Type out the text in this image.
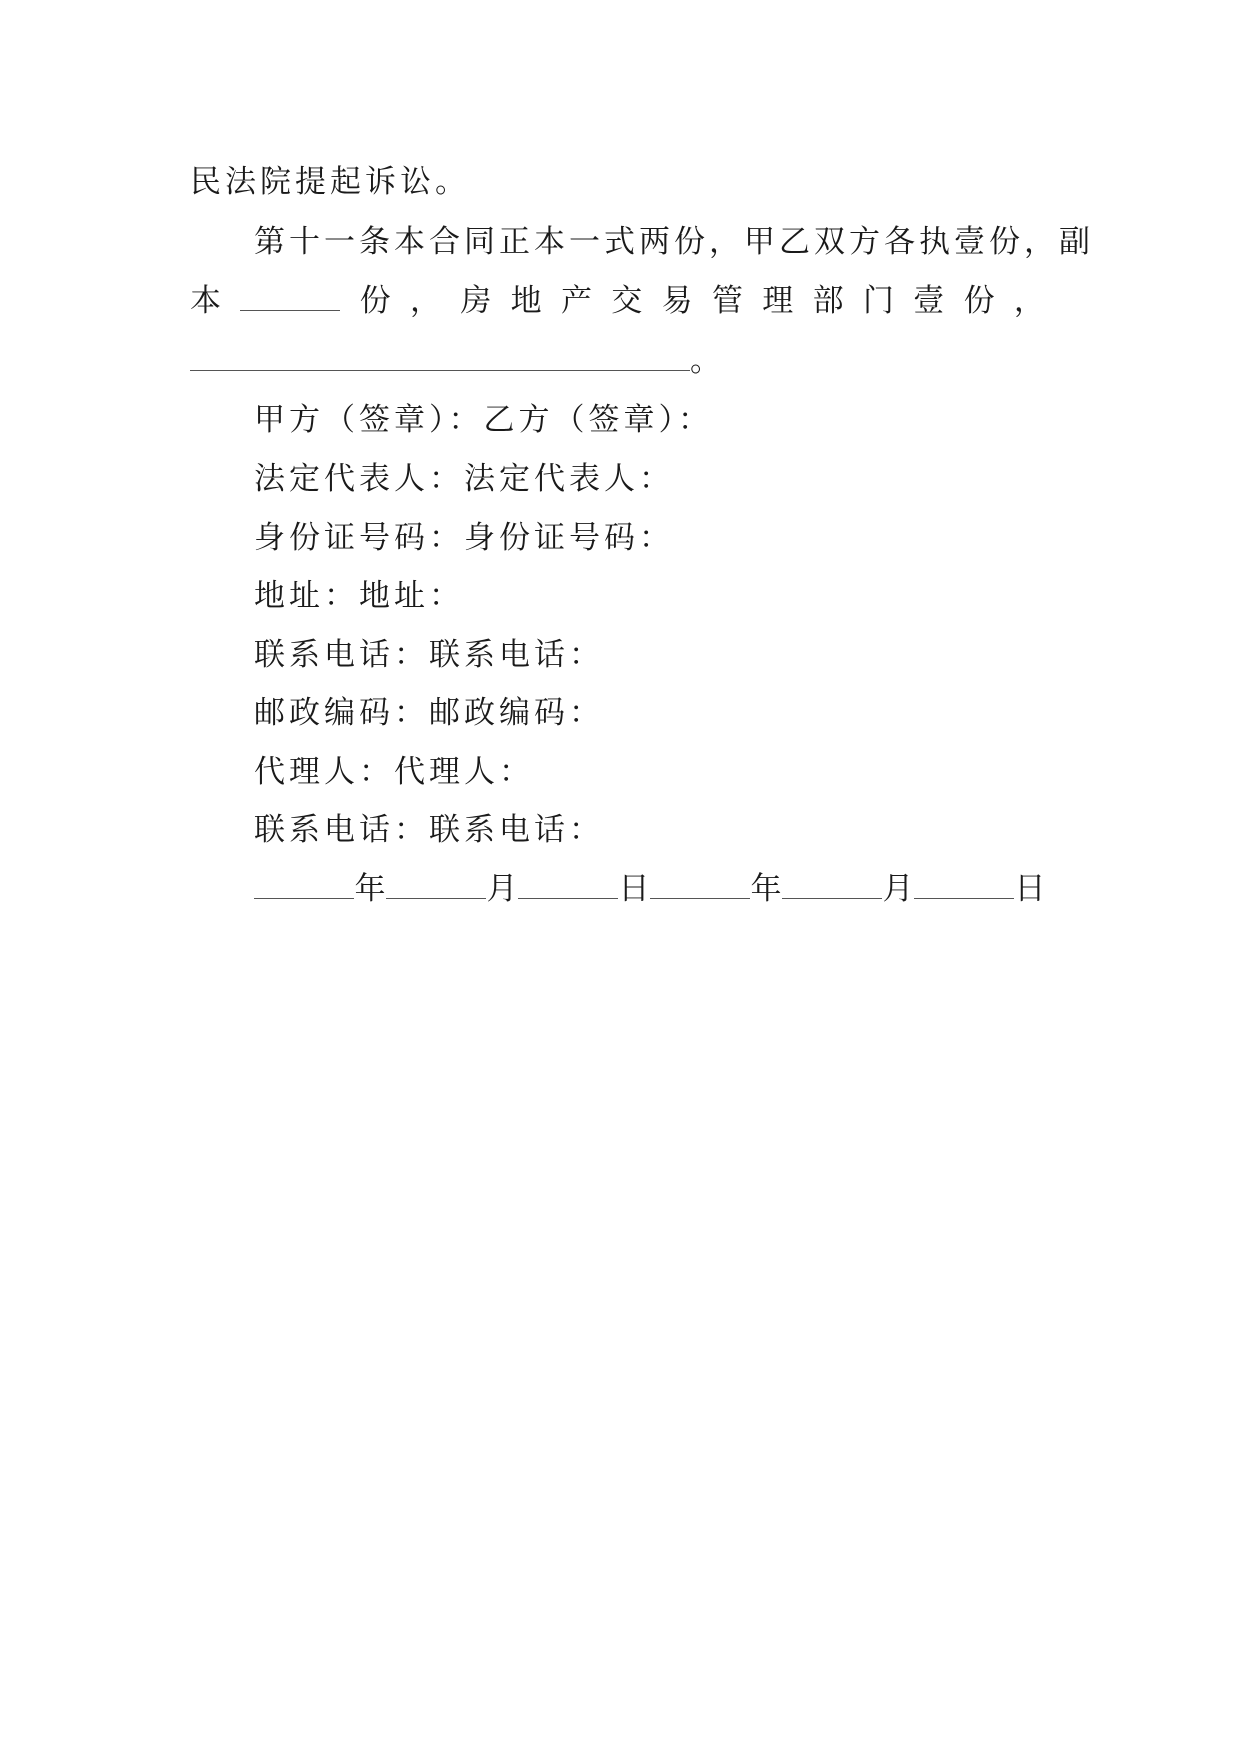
民法院提起诉讼。
第十一条本合同正本一式两份，甲乙双方各执壹份，副
本	份 ， 房 地 产 交 易 管 理 部 门 壹 份 ，
。
甲方（签章）：乙方（签章）：
法定代表人：法定代表人：
身份证号码：身份证号码：
地址：地址：
联系电话：联系电话：
邮政编码：邮政编码：
代理人：代理人：
联系电话：联系电话：
年	月	日	年	月	日
